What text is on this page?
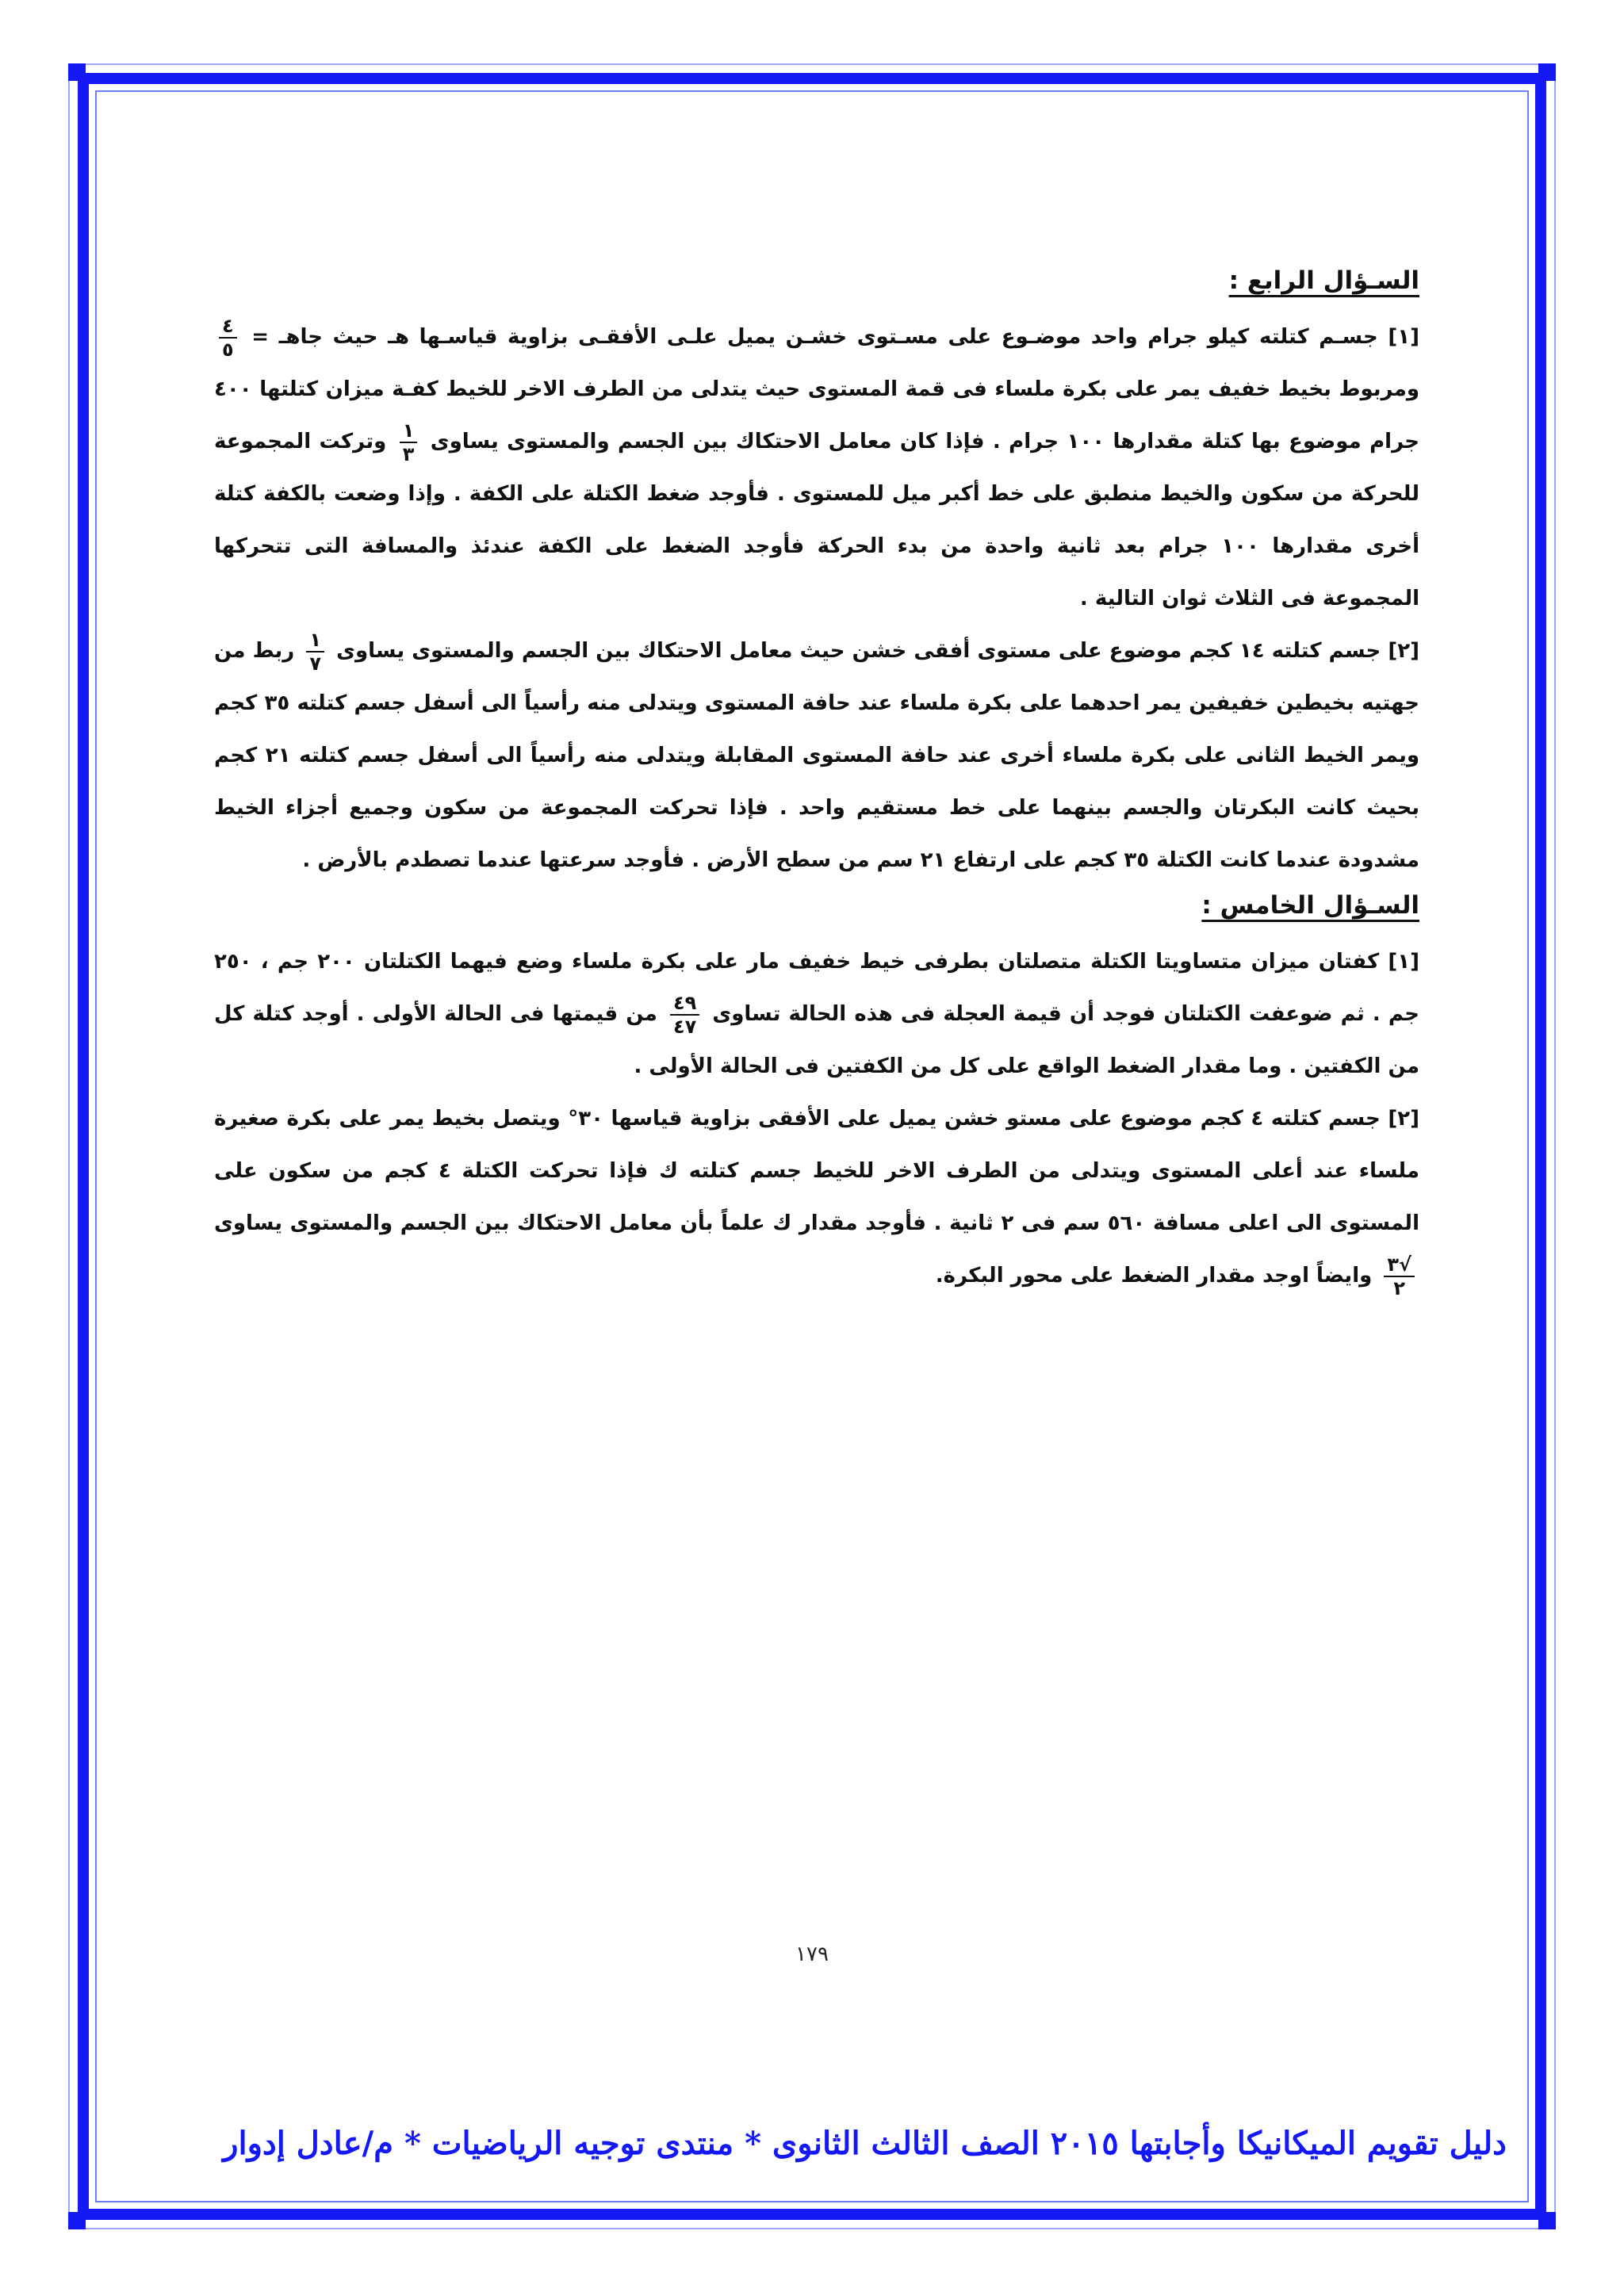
السـؤال الرابع :

[١] جسـم كتلته كيلو جرام واحد موضـوع على مسـتوى خشـن يميل علـى الأفقـى بزاوية قياسـها هـ حيث جاهـ =
$\frac{٤}{٥}$
ومربوط بخيط خفيف يمر على بكرة ملساء فى قمة المستوى حيث يتدلى من الطرف الاخر للخيط كفـة ميزان كتلتها ٤٠٠ جرام موضوع بها كتلة مقدارها ١٠٠ جرام . فإذا كان معامل الاحتكاك بين الجسم والمستوى يساوى
$\frac{١}{٣}$
وتركت المجموعة للحركة من سكون والخيط منطبق على خط أكبر ميل للمستوى . فأوجد ضغط الكتلة على الكفة . وإذا وضعت بالكفة كتلة أخرى مقدارها ١٠٠ جرام بعد ثانية واحدة من بدء الحركة فأوجد الضغط على الكفة عندئذ والمسافة التى تتحركها المجموعة فى الثلاث ثوان التالية .

[٢] جسم كتلته ١٤ كجم موضوع على مستوى أفقى خشن حيث معامل الاحتكاك بين الجسم والمستوى يساوى
$\frac{١}{٧}$
ربط من جهتيه بخيطين خفيفين يمر احدهما على بكرة ملساء عند حافة المستوى ويتدلى منه رأسياً الى أسفل جسم كتلته ٣٥ كجم ويمر الخيط الثانى على بكرة ملساء أخرى عند حافة المستوى المقابلة ويتدلى منه رأسياً الى أسفل جسم كتلته ٢١ كجم بحيث كانت البكرتان والجسم بينهما على خط مستقيم واحد . فإذا تحركت المجموعة من سكون وجميع أجزاء الخيط مشدودة عندما كانت الكتلة ٣٥ كجم على ارتفاع ٢١ سم من سطح الأرض . فأوجد سرعتها عندما تصطدم بالأرض .

السـؤال الخامس :

[١] كفتان ميزان متساويتا الكتلة متصلتان بطرفى خيط خفيف مار على بكرة ملساء وضع فيهما الكتلتان ٢٠٠ جم ، ٢٥٠ جم . ثم ضوعفت الكتلتان فوجد أن قيمة العجلة فى هذه الحالة تساوى
$\frac{٤٩}{٤٧}$
من قيمتها فى الحالة الأولى . أوجد كتلة كل من الكفتين . وما مقدار الضغط الواقع على كل من الكفتين فى الحالة الأولى .

[٢] جسم كتلته ٤ كجم موضوع على مستو خشن يميل على الأفقى بزاوية قياسها ٣٠° ويتصل بخيط يمر على بكرة صغيرة ملساء عند أعلى المستوى ويتدلى من الطرف الاخر للخيط جسم كتلته ك فإذا تحركت الكتلة ٤ كجم من سكون على المستوى الى اعلى مسافة ٥٦٠ سم فى ٢ ثانية . فأوجد مقدار ك علماً بأن معامل الاحتكاك بين الجسم والمستوى يساوى
$\frac{√٣}{٢}$
وايضاً اوجد مقدار الضغط على محور البكرة.

١٧٩
دليل تقويم الميكانيكا وأجابتها ٢٠١٥ الصف الثالث الثانوى * منتدى توجيه الرياضيات * م/عادل إدوار
